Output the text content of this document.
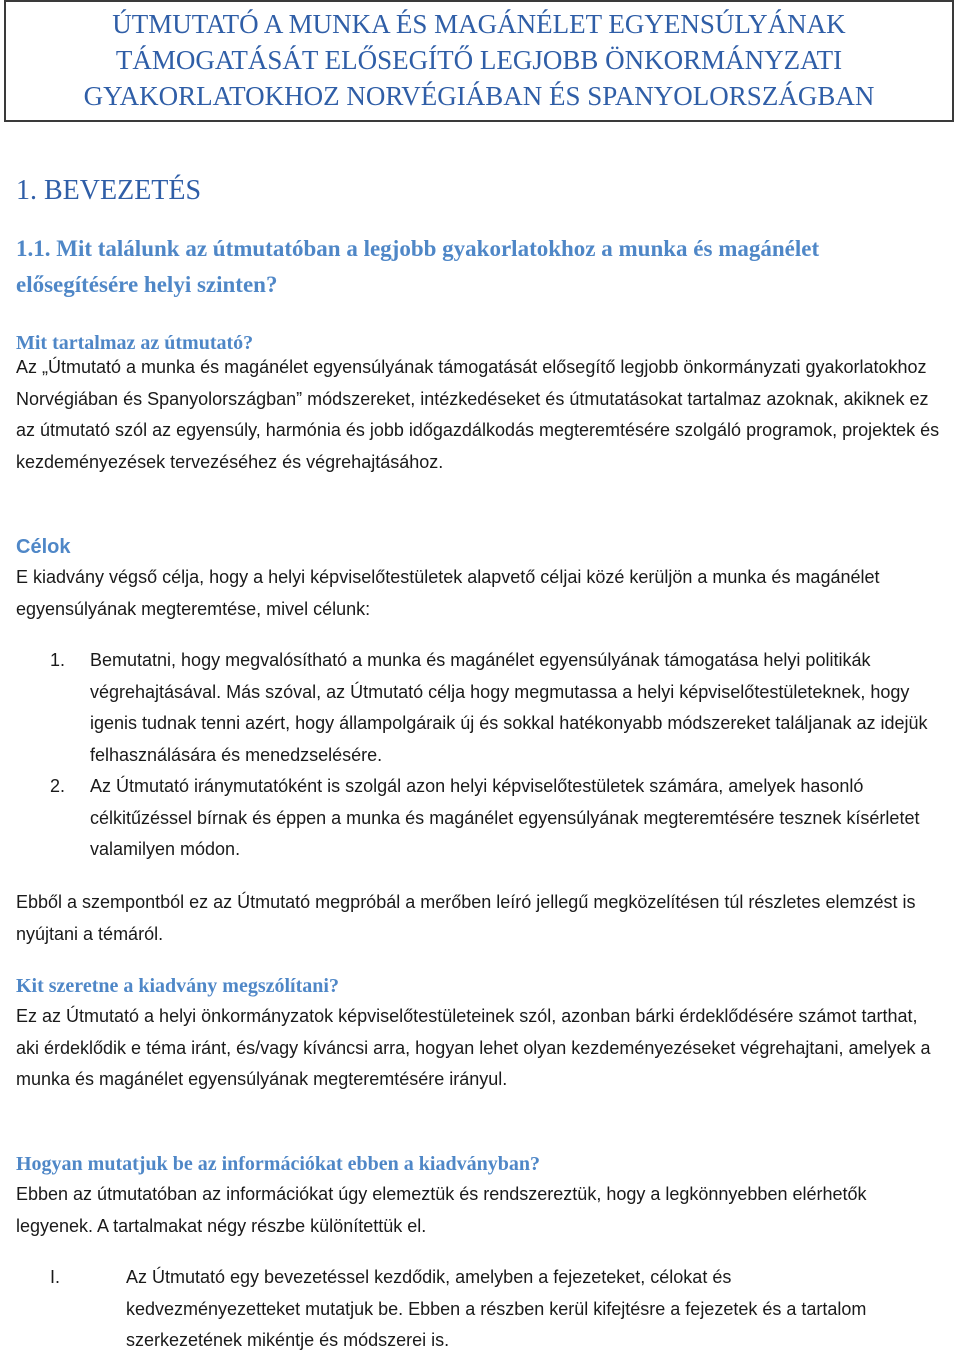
ÚTMUTATÓ A MUNKA ÉS MAGÁNÉLET EGYENSÚLYÁNAK
TÁMOGATÁSÁT ELŐSEGÍTŐ LEGJOBB ÖNKORMÁNYZATI
GYAKORLATOKHOZ NORVÉGIÁBAN ÉS SPANYOLORSZÁGBAN
1. BEVEZETÉS
1.1. Mit találunk az útmutatóban a legjobb gyakorlatokhoz a munka és magánélet elősegítésére helyi szinten?
Mit tartalmaz az útmutató?

Az „Útmutató a munka és magánélet egyensúlyának támogatását elősegítő legjobb önkormányzati gyakorlatokhoz Norvégiában és Spanyolországban” módszereket, intézkedéseket és útmutatásokat tartalmaz azoknak, akiknek ez az útmutató szól az egyensúly, harmónia és jobb időgazdálkodás megteremtésére szolgáló programok, projektek és kezdeményezések tervezéséhez és végrehajtásához.

Célok

E kiadvány végső célja, hogy a helyi képviselőtestületek alapvető céljai közé kerüljön a munka és magánélet egyensúlyának megteremtése, mivel célunk:

1. Bemutatni, hogy megvalósítható a munka és magánélet egyensúlyának támogatása helyi politikák végrehajtásával. Más szóval, az Útmutató célja hogy megmutassa a helyi képviselőtestületeknek, hogy igenis tudnak tenni azért, hogy állampolgáraik új és sokkal hatékonyabb módszereket találjanak az idejük felhasználására és menedzselésére.
2. Az Útmutató iránymutatóként is szolgál azon helyi képviselőtestületek számára, amelyek hasonló célkitűzéssel bírnak és éppen a munka és magánélet egyensúlyának megteremtésére tesznek kísérletet valamilyen módon.

Ebből a szempontból ez az Útmutató megpróbál a merőben leíró jellegű megközelítésen túl részletes elemzést is nyújtani a témáról.

Kit szeretne a kiadvány megszólítani?

Ez az Útmutató a helyi önkormányzatok képviselőtestületeinek szól, azonban bárki érdeklődésére számot tarthat, aki érdeklődik e téma iránt, és/vagy kíváncsi arra, hogyan lehet olyan kezdeményezéseket végrehajtani, amelyek a munka és magánélet egyensúlyának megteremtésére irányul.

Hogyan mutatjuk be az információkat ebben a kiadványban?

Ebben az útmutatóban az információkat úgy elemeztük és rendszereztük, hogy a legkönnyebben elérhetők legyenek. A tartalmakat négy részbe különítettük el.

I.	Az Útmutató egy bevezetéssel kezdődik, amelyben a fejezeteket, célokat és kedvezményezetteket mutatjuk be. Ebben a részben kerül kifejtésre a fejezetek és a tartalom szerkezetének mikéntje és módszerei is.
